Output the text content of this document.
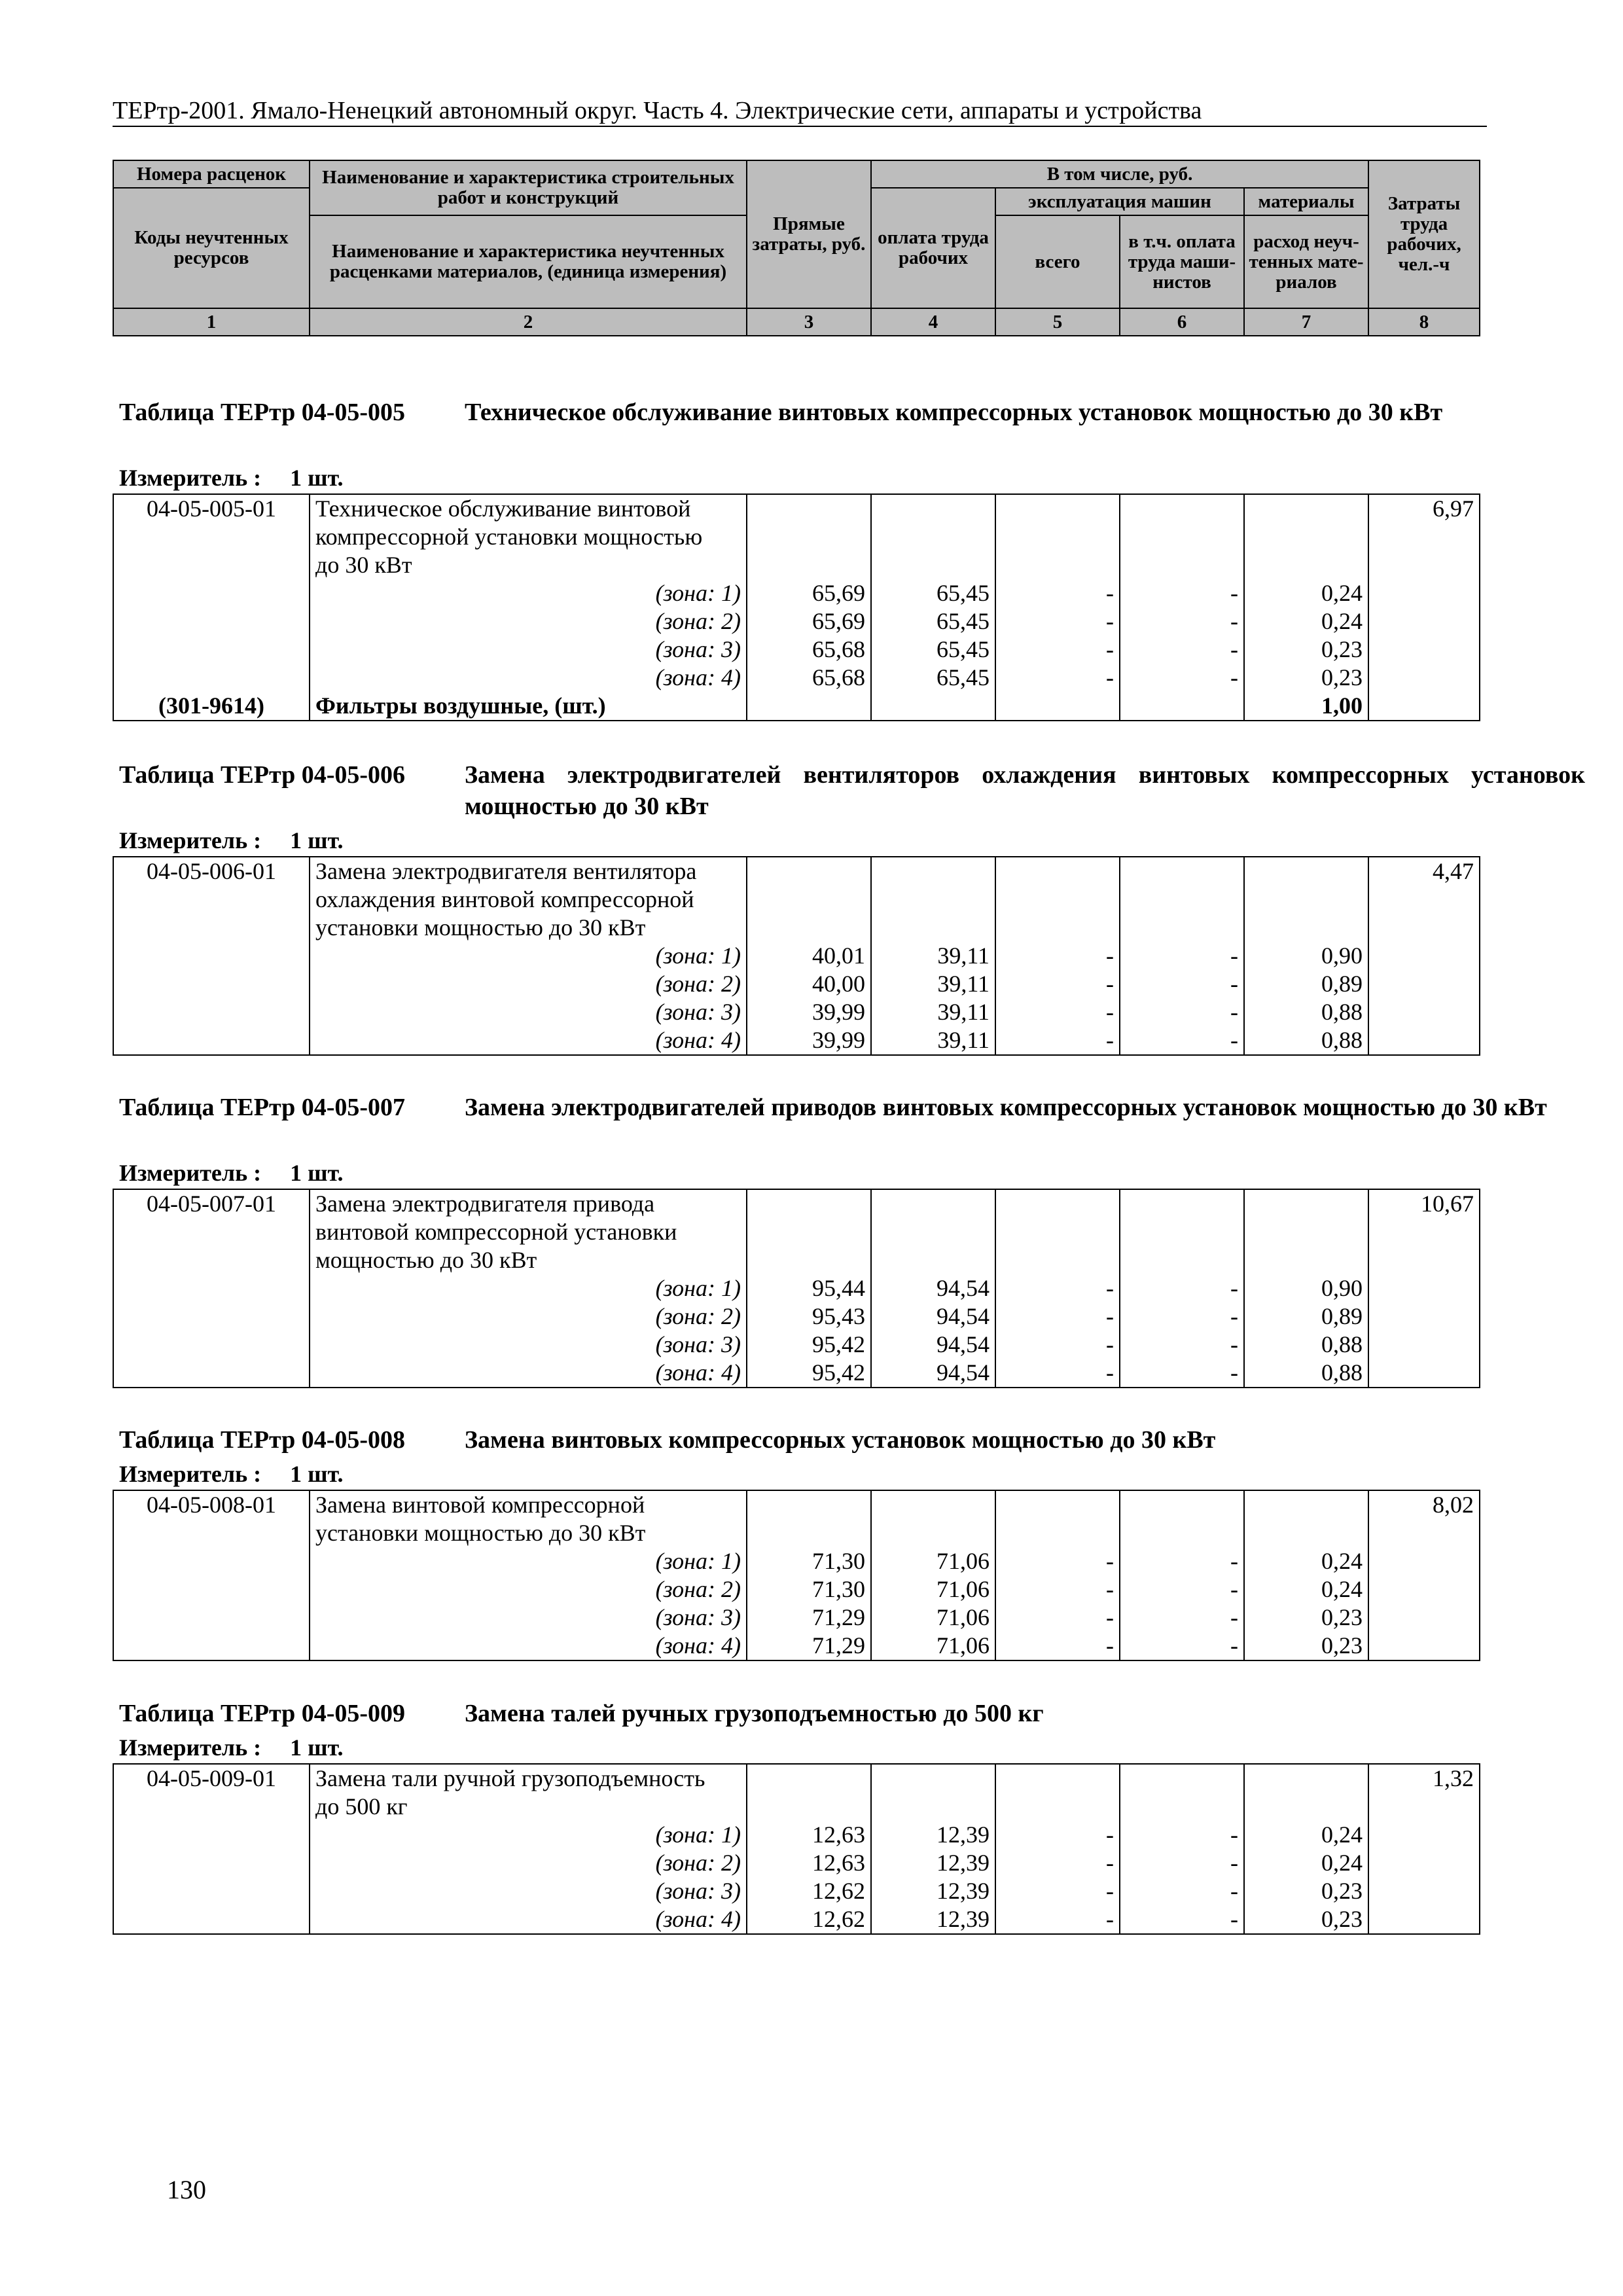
ТЕРтр-2001. Ямало-Ненецкий автономный округ. Часть 4. Электрические сети, аппараты и устройства
Номера расценок	Наименование и характеристика строительных работ и конструкций	Прямые затраты, руб.	В том числе, руб.				Затраты труда рабочих, чел.-ч
Коды неучтенных ресурсов			оплата труда рабочих	эксплуатация машин		материалы	
	Наименование и характеристика неучтенных расценками материалов, (единица измерения)			всего	в т.ч. оплата труда маши-нистов	расход неуч-тенных мате-риалов	

1	2	3	4	5	6	7	8
Таблица ТЕРтр 04-05-005 Техническое обслуживание винтовых компрессорных установок мощностью до 30 кВт
Измеритель : 1 шт.
04-05-005-01	Техническое обслуживание винтовой						6,97
	компрессорной установки мощностью						
	до 30 кВт						
	(зона: 1)	65,69	65,45	-	-	0,24	
	(зона: 2)	65,69	65,45	-	-	0,24	
	(зона: 3)	65,68	65,45	-	-	0,23	
	(зона: 4)	65,68	65,45	-	-	0,23	
(301-9614)	Фильтры воздушные, (шт.)					1,00	
Таблица ТЕРтр 04-05-006 Замена электродвигателей вентиляторов охлаждения винтовых компрессорных установок мощностью до 30 кВт
Измеритель : 1 шт.
04-05-006-01	Замена электродвигателя вентилятора						4,47
	охлаждения винтовой компрессорной						
	установки мощностью до 30 кВт						
	(зона: 1)	40,01	39,11	-	-	0,90	
	(зона: 2)	40,00	39,11	-	-	0,89	
	(зона: 3)	39,99	39,11	-	-	0,88	
	(зона: 4)	39,99	39,11	-	-	0,88	
Таблица ТЕРтр 04-05-007 Замена электродвигателей приводов винтовых компрессорных установок мощностью до 30 кВт
Измеритель : 1 шт.
04-05-007-01	Замена электродвигателя привода						10,67
	винтовой компрессорной установки						
	мощностью до 30 кВт						
	(зона: 1)	95,44	94,54	-	-	0,90	
	(зона: 2)	95,43	94,54	-	-	0,89	
	(зона: 3)	95,42	94,54	-	-	0,88	
	(зона: 4)	95,42	94,54	-	-	0,88	
Таблица ТЕРтр 04-05-008 Замена винтовых компрессорных установок мощностью до 30 кВт
Измеритель : 1 шт.
04-05-008-01	Замена винтовой компрессорной						8,02
	установки мощностью до 30 кВт						
	(зона: 1)	71,30	71,06	-	-	0,24	
	(зона: 2)	71,30	71,06	-	-	0,24	
	(зона: 3)	71,29	71,06	-	-	0,23	
	(зона: 4)	71,29	71,06	-	-	0,23	
Таблица ТЕРтр 04-05-009 Замена талей ручных грузоподъемностью до 500 кг
Измеритель : 1 шт.
04-05-009-01	Замена тали ручной грузоподъемность						1,32
	до 500 кг						
	(зона: 1)	12,63	12,39	-	-	0,24	
	(зона: 2)	12,63	12,39	-	-	0,24	
	(зона: 3)	12,62	12,39	-	-	0,23	
	(зона: 4)	12,62	12,39	-	-	0,23	
130
